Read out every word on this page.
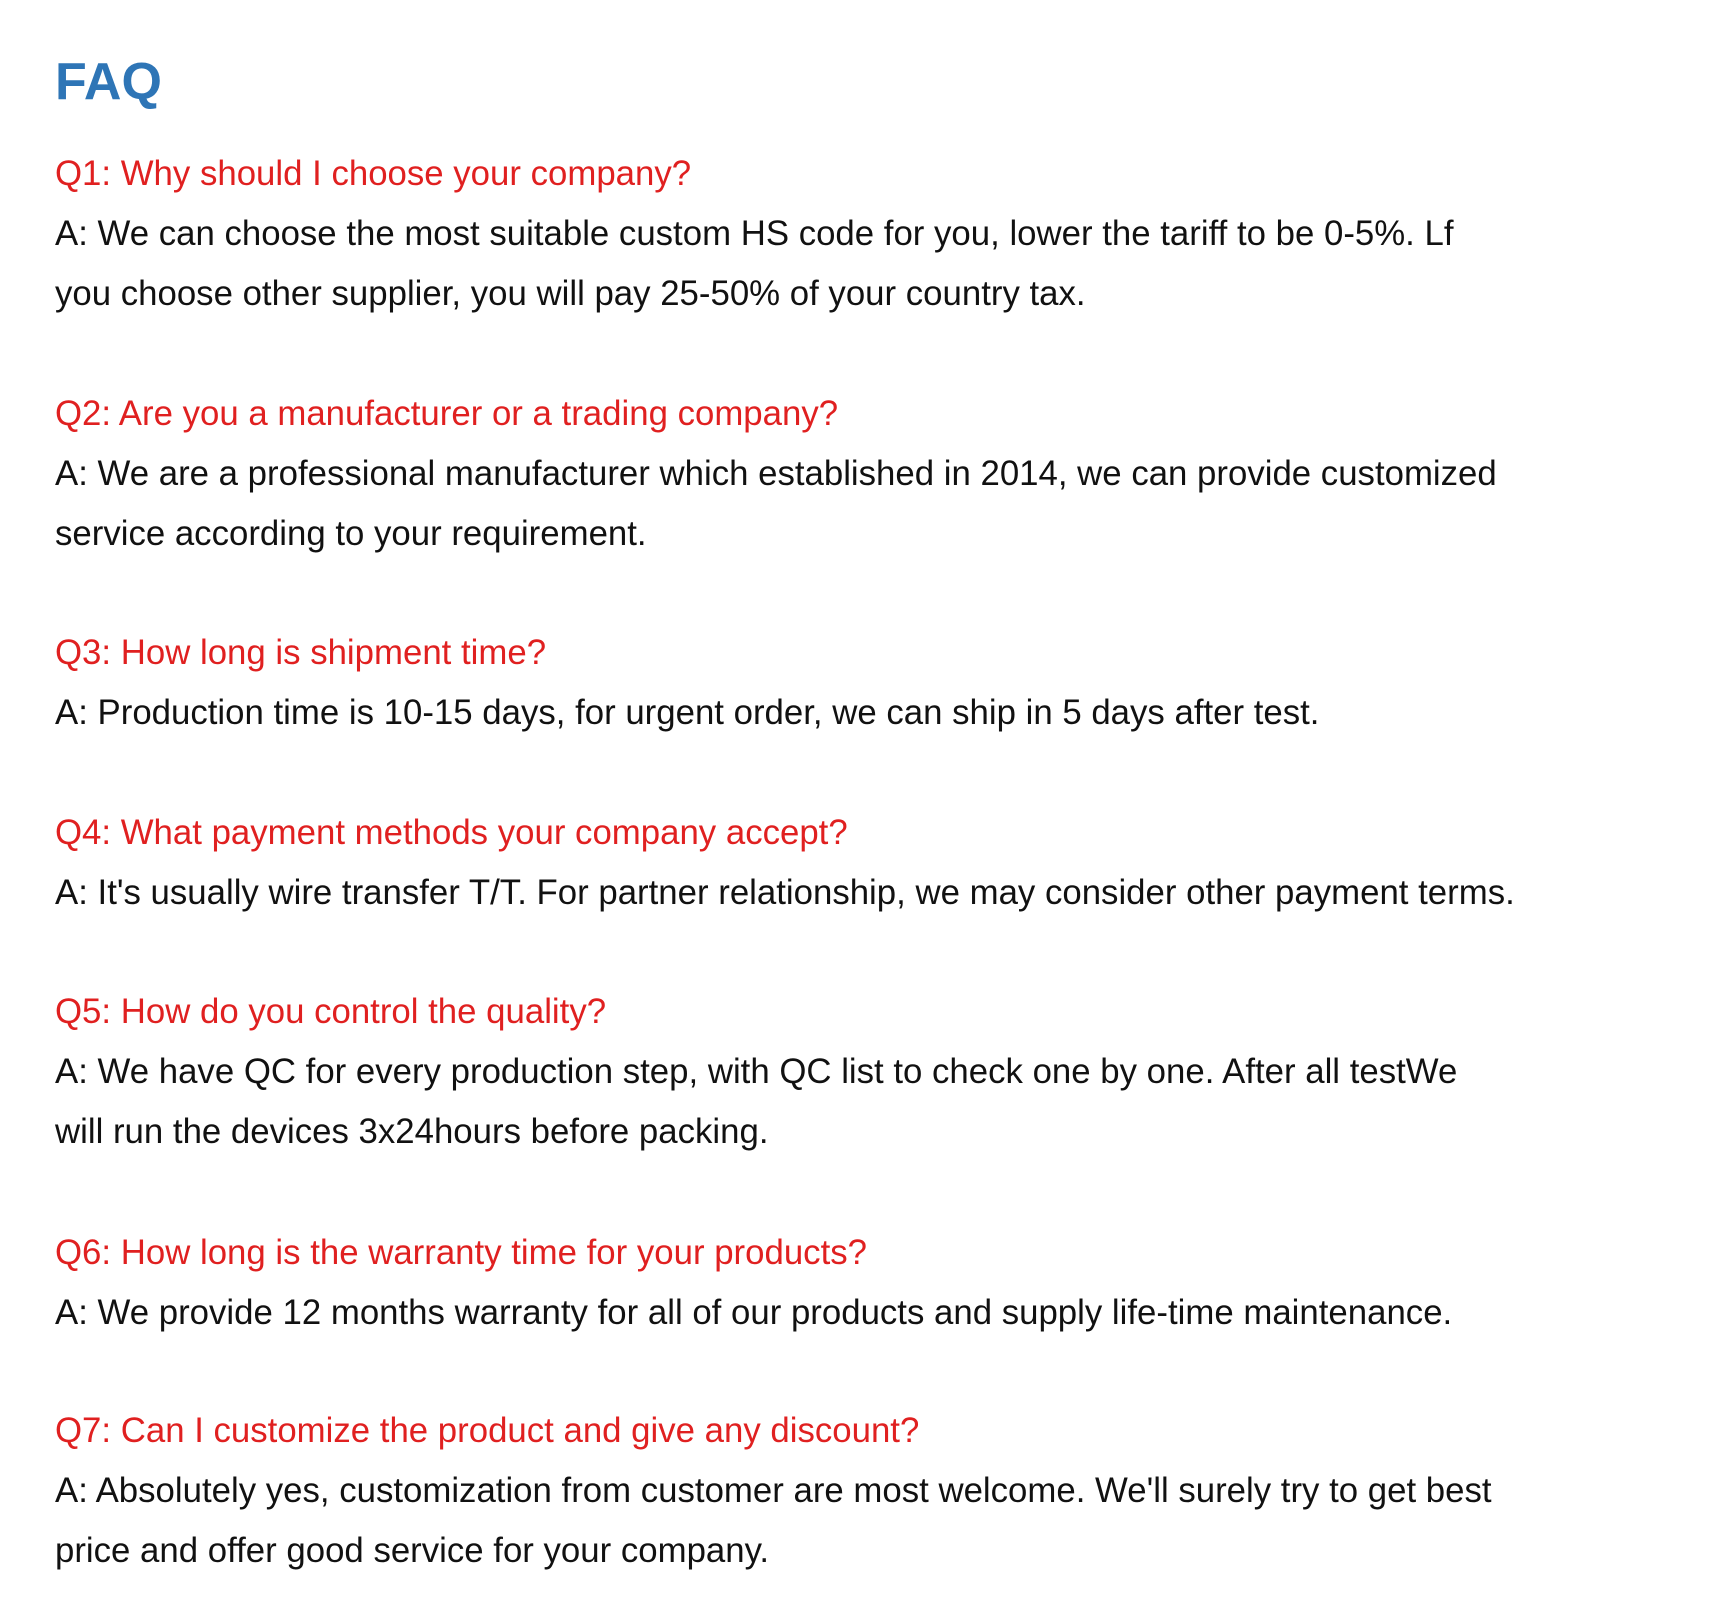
FAQ
Q1: Why should I choose your company?
A: We can choose the most suitable custom HS code for you, lower the tariff to be 0-5%. Lf
you choose other supplier, you will pay 25-50% of your country tax.
Q2: Are you a manufacturer or a trading company?
A: We are a professional manufacturer which established in 2014, we can provide customized
service according to your requirement.
Q3: How long is shipment time?
A: Production time is 10-15 days, for urgent order, we can ship in 5 days after test.
Q4: What payment methods your company accept?
A: It's usually wire transfer T/T. For partner relationship, we may consider other payment terms.
Q5: How do you control the quality?
A: We have QC for every production step, with QC list to check one by one. After all testWe
will run the devices 3x24hours before packing.
Q6: How long is the warranty time for your products?
A: We provide 12 months warranty for all of our products and supply life-time maintenance.
Q7: Can I customize the product and give any discount?
A: Absolutely yes, customization from customer are most welcome. We'll surely try to get best
price and offer good service for your company.
